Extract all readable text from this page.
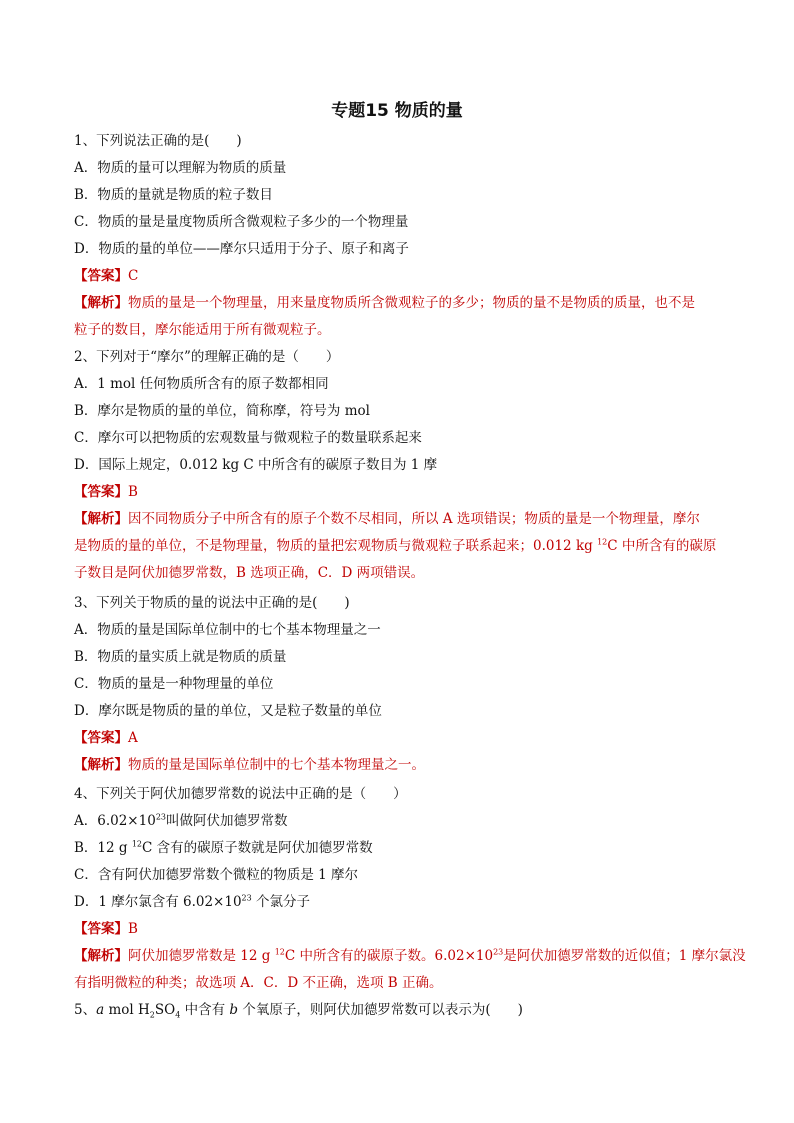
专题15 物质的量
1、下列说法正确的是(　　)
A．物质的量可以理解为物质的质量
B．物质的量就是物质的粒子数目
C．物质的量是量度物质所含微观粒子多少的一个物理量
D．物质的量的单位——摩尔只适用于分子、原子和离子
【答案】C
【解析】物质的量是一个物理量，用来量度物质所含微观粒子的多少；物质的量不是物质的质量，也不是
粒子的数目，摩尔能适用于所有微观粒子。
2、下列对于“摩尔”的理解正确的是（　　）
A．1 mol 任何物质所含有的原子数都相同
B．摩尔是物质的量的单位，简称摩，符号为 mol
C．摩尔可以把物质的宏观数量与微观粒子的数量联系起来
D．国际上规定，0.012 kg C 中所含有的碳原子数目为 1 摩
【答案】B
【解析】因不同物质分子中所含有的原子个数不尽相同，所以 A 选项错误；物质的量是一个物理量，摩尔
是物质的量的单位，不是物理量，物质的量把宏观物质与微观粒子联系起来；0.012 kg $^{12}$C 中所含有的碳原
子数目是阿伏加德罗常数，B 选项正确，C．D 两项错误。
3、下列关于物质的量的说法中正确的是(　　)
A．物质的量是国际单位制中的七个基本物理量之一
B．物质的量实质上就是物质的质量
C．物质的量是一种物理量的单位
D．摩尔既是物质的量的单位，又是粒子数量的单位
【答案】A
【解析】物质的量是国际单位制中的七个基本物理量之一。
4、下列关于阿伏加德罗常数的说法中正确的是（　　）
A．$6.02\times 10^{23}$叫做阿伏加德罗常数
B．12 g $^{12}$C 含有的碳原子数就是阿伏加德罗常数
C．含有阿伏加德罗常数个微粒的物质是 1 摩尔
D．1 摩尔氯含有 $6.02\times 10^{23}$ 个氯分子
【答案】B
【解析】阿伏加德罗常数是 12 g $^{12}$C 中所含有的碳原子数。$6.02\times 10^{23}$是阿伏加德罗常数的近似值；1 摩尔氯没
有指明微粒的种类；故选项 A．C．D 不正确，选项 B 正确。
5、a mol $H_2SO_4$ 中含有 b 个氧原子，则阿伏加德罗常数可以表示为(　　)
